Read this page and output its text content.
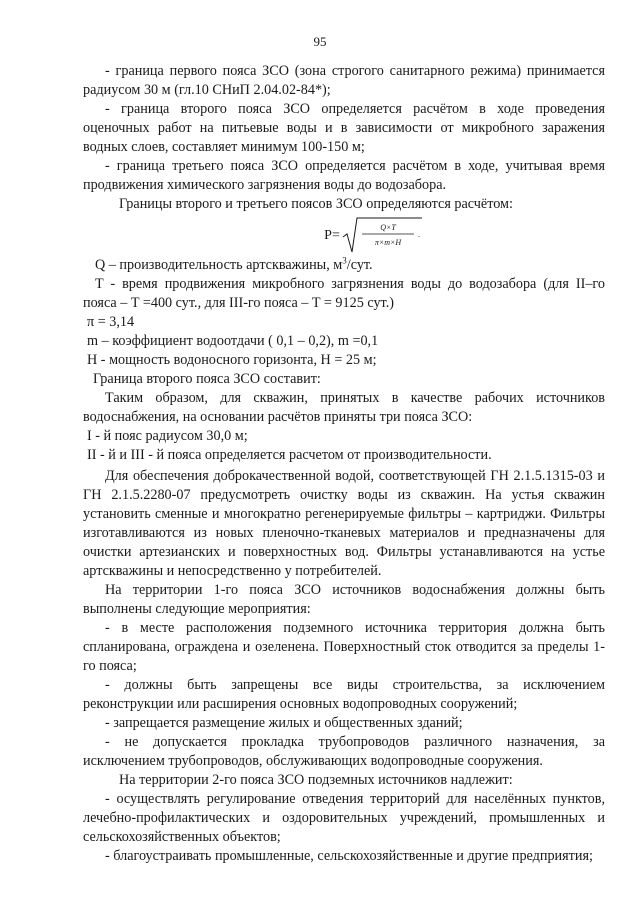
95

- граница первого пояса ЗСО (зона строгого санитарного режима) принимается радиусом 30 м (гл.10 СНиП 2.04.02-84*);

- граница второго пояса ЗСО определяется расчётом в ходе проведения оценочных работ на питьевые воды и в зависимости от микробного заражения водных слоев, составляет минимум 100-150 м;

- граница третьего пояса ЗСО определяется расчётом в ходе, учитывая время продвижения химического загрязнения воды до водозабора.

Границы второго и третьего поясов ЗСО определяются расчётом:

P=	Q×T
π×m×H
.

Q – производительность артскважины, $м^3$/сут.

T - время продвижения микробного загрязнения воды до водозабора (для II–го пояса – T =400 сут., для III-го пояса – T = 9125 сут.)

π = 3,14

m – коэффициент водоотдачи ( 0,1 – 0,2), m =0,1

H - мощность водоносного горизонта, H = 25 м;

Граница второго пояса ЗСО составит:

Таким образом, для скважин, принятых в качестве рабочих источников водоснабжения, на основании расчётов приняты три пояса ЗСО:

I - й пояс радиусом 30,0 м;

II - й и III - й пояса определяется расчетом от производительности.

Для обеспечения доброкачественной водой, соответствующей ГН 2.1.5.1315-03 и ГН 2.1.5.2280-07 предусмотреть очистку воды из скважин. На устья скважин установить сменные и многократно регенерируемые фильтры – картриджи. Фильтры изготавливаются из новых пленочно-тканевых материалов и предназначены для очистки артезианских и поверхностных вод. Фильтры устанавливаются на устье артскважины и непосредственно у потребителей.

На территории 1-го пояса ЗСО источников водоснабжения должны быть выполнены следующие мероприятия:

- в месте расположения подземного источника территория должна быть спланирована, ограждена и озеленена. Поверхностный сток отводится за пределы 1-го пояса;

- должны быть запрещены все виды строительства, за исключением реконструкции или расширения основных водопроводных сооружений;

- запрещается размещение жилых и общественных зданий;

- не допускается прокладка трубопроводов различного назначения, за исключением трубопроводов, обслуживающих водопроводные сооружения.

На территории 2-го пояса ЗСО подземных источников надлежит:

- осуществлять регулирование отведения территорий для населённых пунктов, лечебно-профилактических и оздоровительных учреждений, промышленных и сельскохозяйственных объектов;

- благоустраивать промышленные, сельскохозяйственные и другие предприятия;
